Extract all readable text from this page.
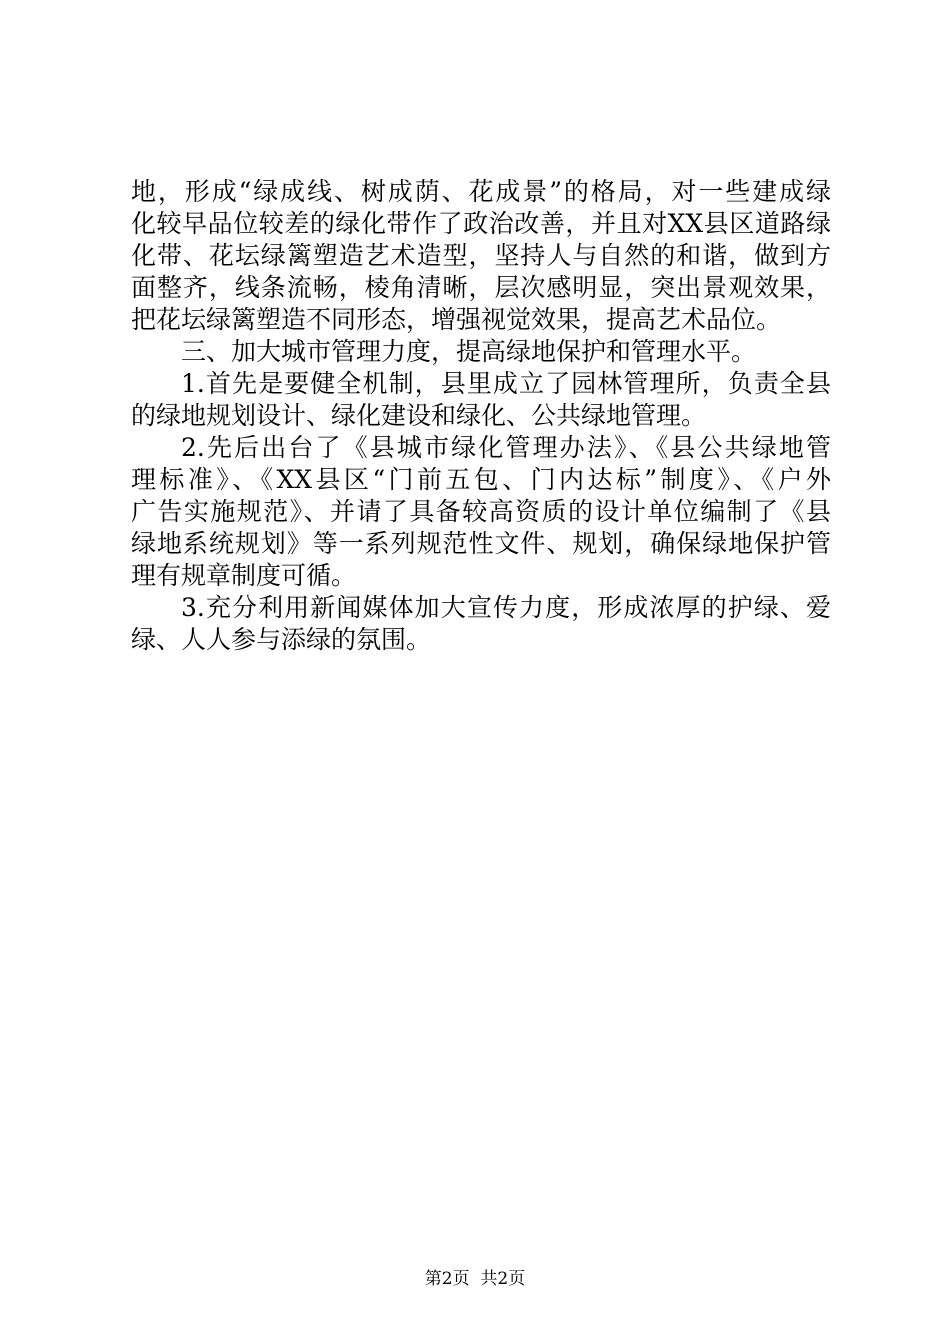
地，形成“绿成线、树成荫、花成景”的格局，对一些建成绿
化较早品位较差的绿化带作了政治改善，并且对XX县区道路绿
化带、花坛绿篱塑造艺术造型，坚持人与自然的和谐，做到方
面整齐，线条流畅，棱角清晰，层次感明显，突出景观效果，
把花坛绿篱塑造不同形态，增强视觉效果，提高艺术品位。
三、加大城市管理力度，提高绿地保护和管理水平。
1.首先是要健全机制，县里成立了园林管理所，负责全县
的绿地规划设计、绿化建设和绿化、公共绿地管理。
2.先后出台了《县城市绿化管理办法》、《县公共绿地管
理标准》、《XX县区“门前五包、门内达标”制度》、《户外
广告实施规范》、并请了具备较高资质的设计单位编制了《县
绿地系统规划》等一系列规范性文件、规划，确保绿地保护管
理有规章制度可循。
3.充分利用新闻媒体加大宣传力度，形成浓厚的护绿、爱
绿、人人参与添绿的氛围。
第2页  共2页
